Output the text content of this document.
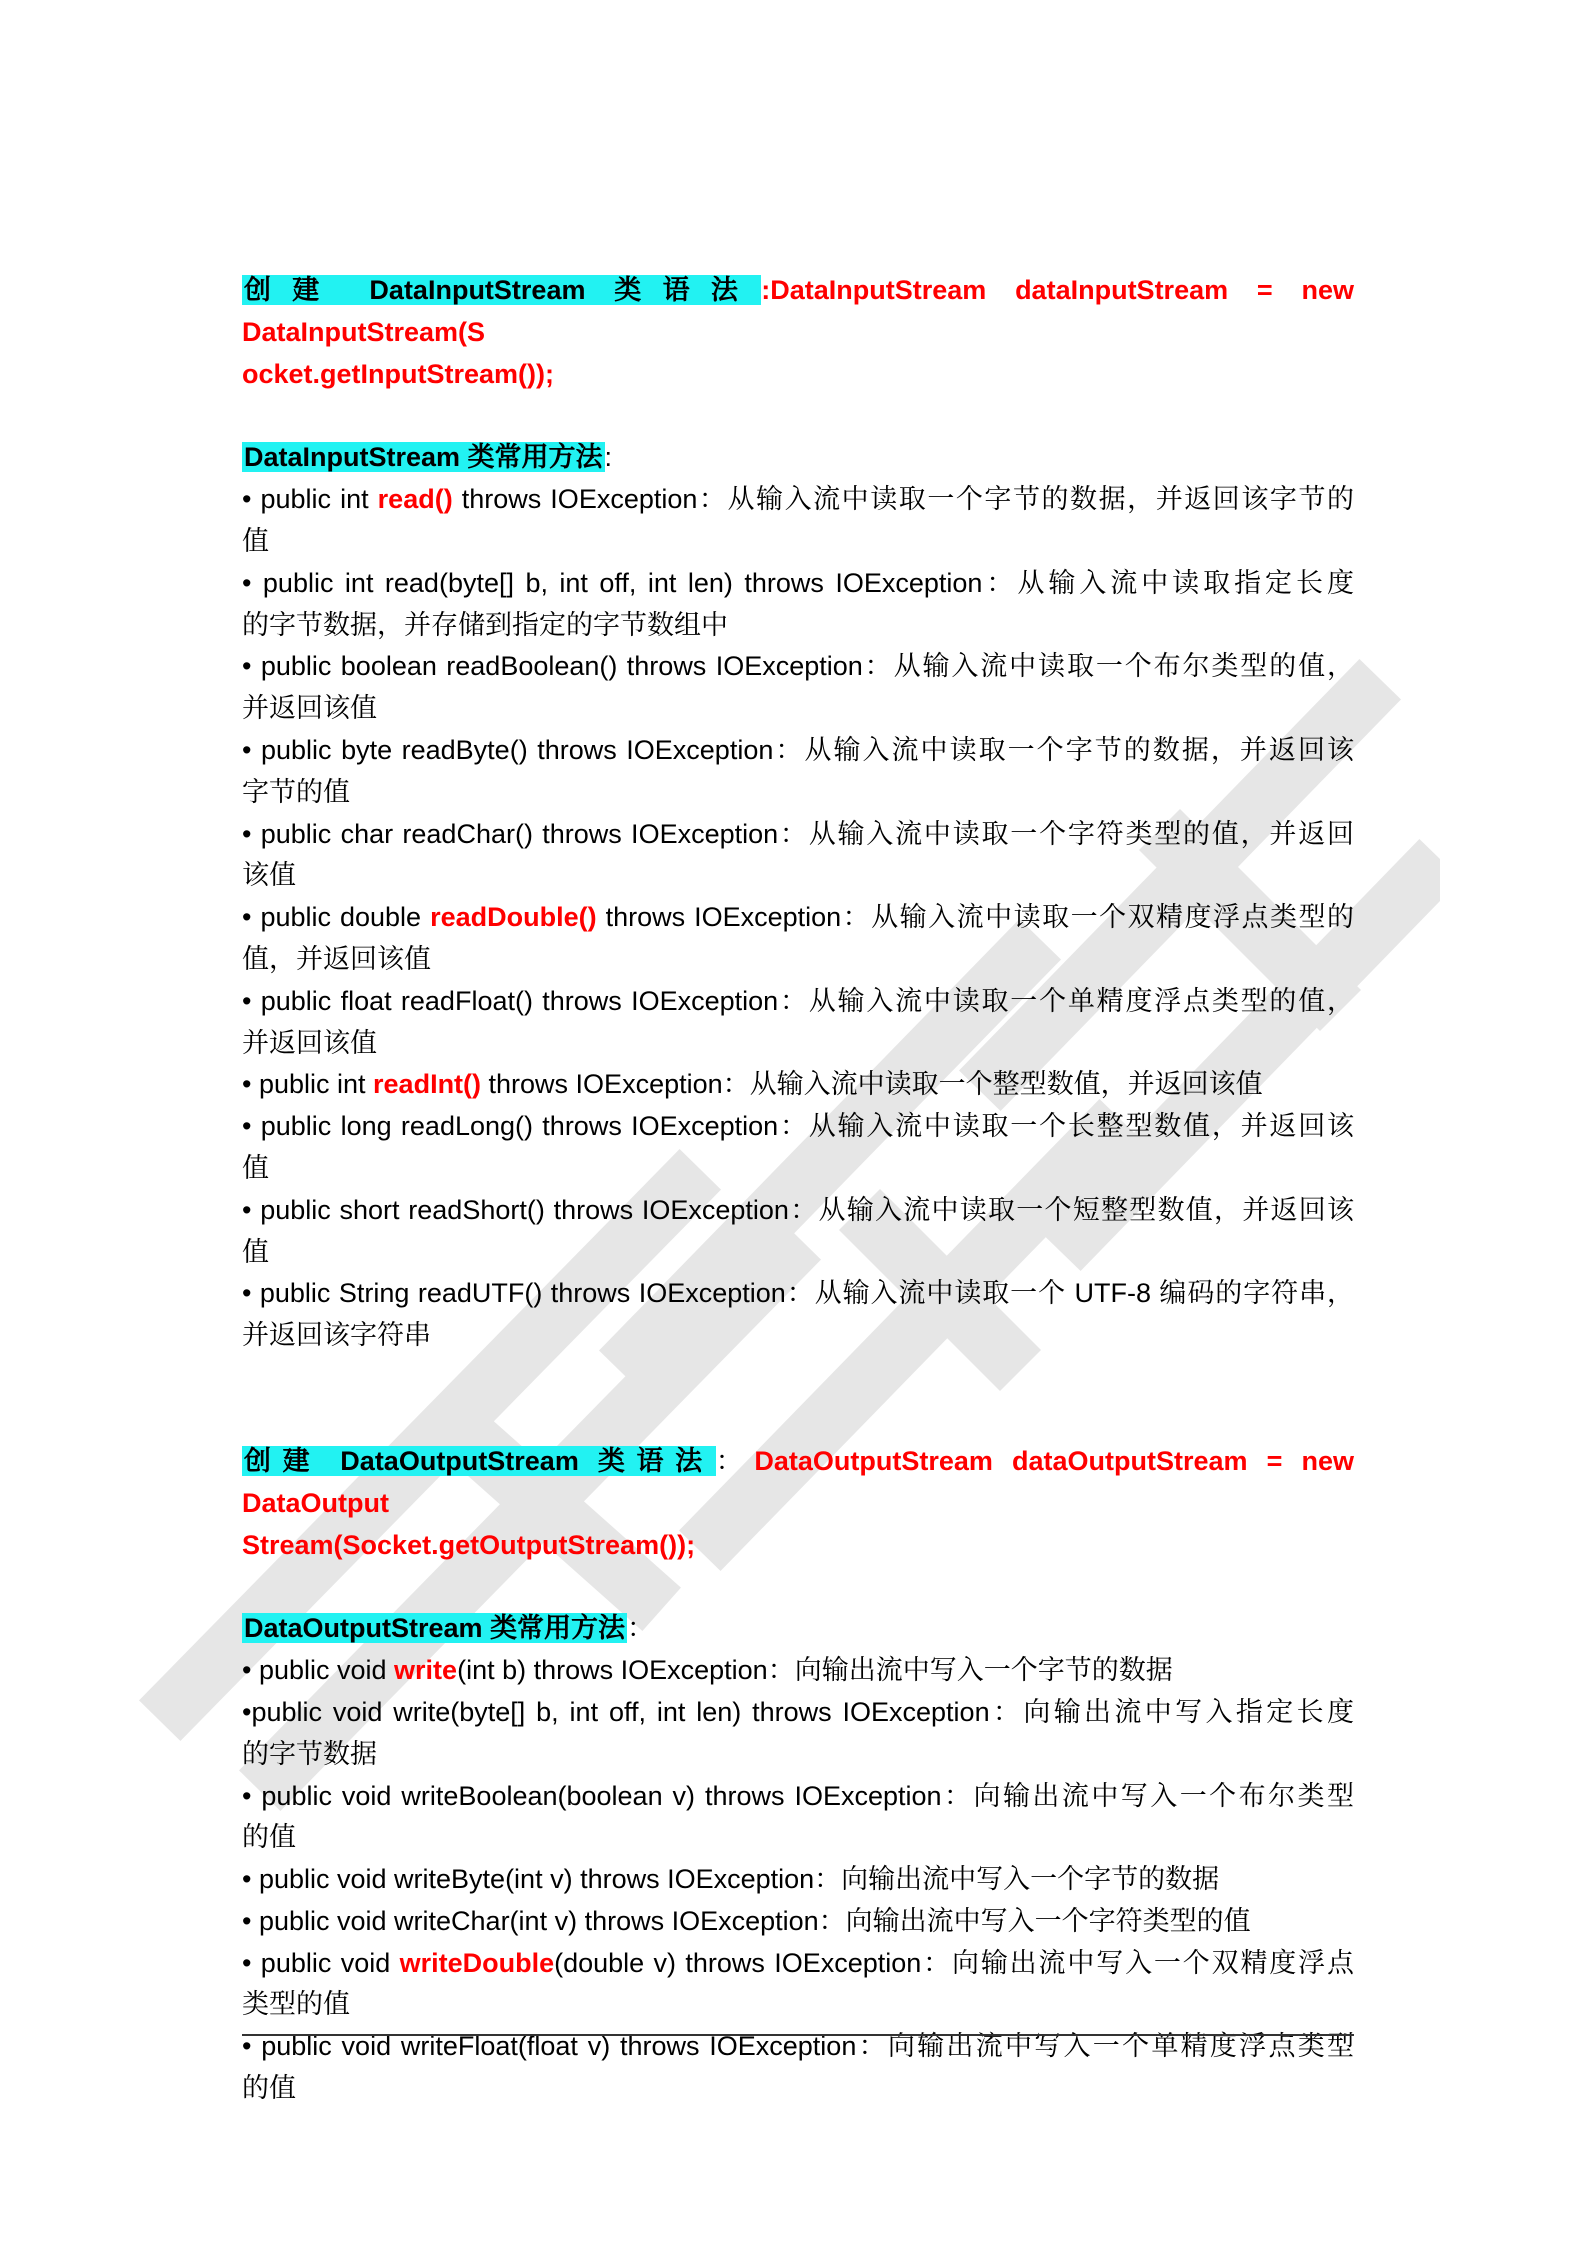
创建 DataInputStream 类语法:DataInputStream dataInputStream = new DataInputStream(S
ocket.getInputStream());
DataInputStream 类常用方法:
• public int read() throws IOException：从输入流中读取一个字节的数据，并返回该字节的
值
• public int read(byte[] b, int off, int len) throws IOException：从输入流中读取指定长度
的字节数据，并存储到指定的字节数组中
• public boolean readBoolean() throws IOException：从输入流中读取一个布尔类型的值，
并返回该值
• public byte readByte() throws IOException：从输入流中读取一个字节的数据，并返回该
字节的值
• public char readChar() throws IOException：从输入流中读取一个字符类型的值，并返回
该值
• public double readDouble() throws IOException：从输入流中读取一个双精度浮点类型的
值，并返回该值
• public float readFloat() throws IOException：从输入流中读取一个单精度浮点类型的值，
并返回该值
• public int readInt() throws IOException：从输入流中读取一个整型数值，并返回该值
• public long readLong() throws IOException：从输入流中读取一个长整型数值，并返回该
值
• public short readShort() throws IOException：从输入流中读取一个短整型数值，并返回该
值
• public String readUTF() throws IOException：从输入流中读取一个 UTF-8 编码的字符串，
并返回该字符串
创建 DataOutputStream 类语法：DataOutputStream dataOutputStream = new DataOutput
Stream(Socket.getOutputStream());
DataOutputStream 类常用方法：
• public void write(int b) throws IOException：向输出流中写入一个字节的数据
•public void write(byte[] b, int off, int len) throws IOException：向输出流中写入指定长度
的字节数据
• public void writeBoolean(boolean v) throws IOException：向输出流中写入一个布尔类型
的值
• public void writeByte(int v) throws IOException：向输出流中写入一个字节的数据
• public void writeChar(int v) throws IOException：向输出流中写入一个字符类型的值
• public void writeDouble(double v) throws IOException：向输出流中写入一个双精度浮点
类型的值
• public void writeFloat(float v) throws IOException：向输出流中写入一个单精度浮点类型
的值
